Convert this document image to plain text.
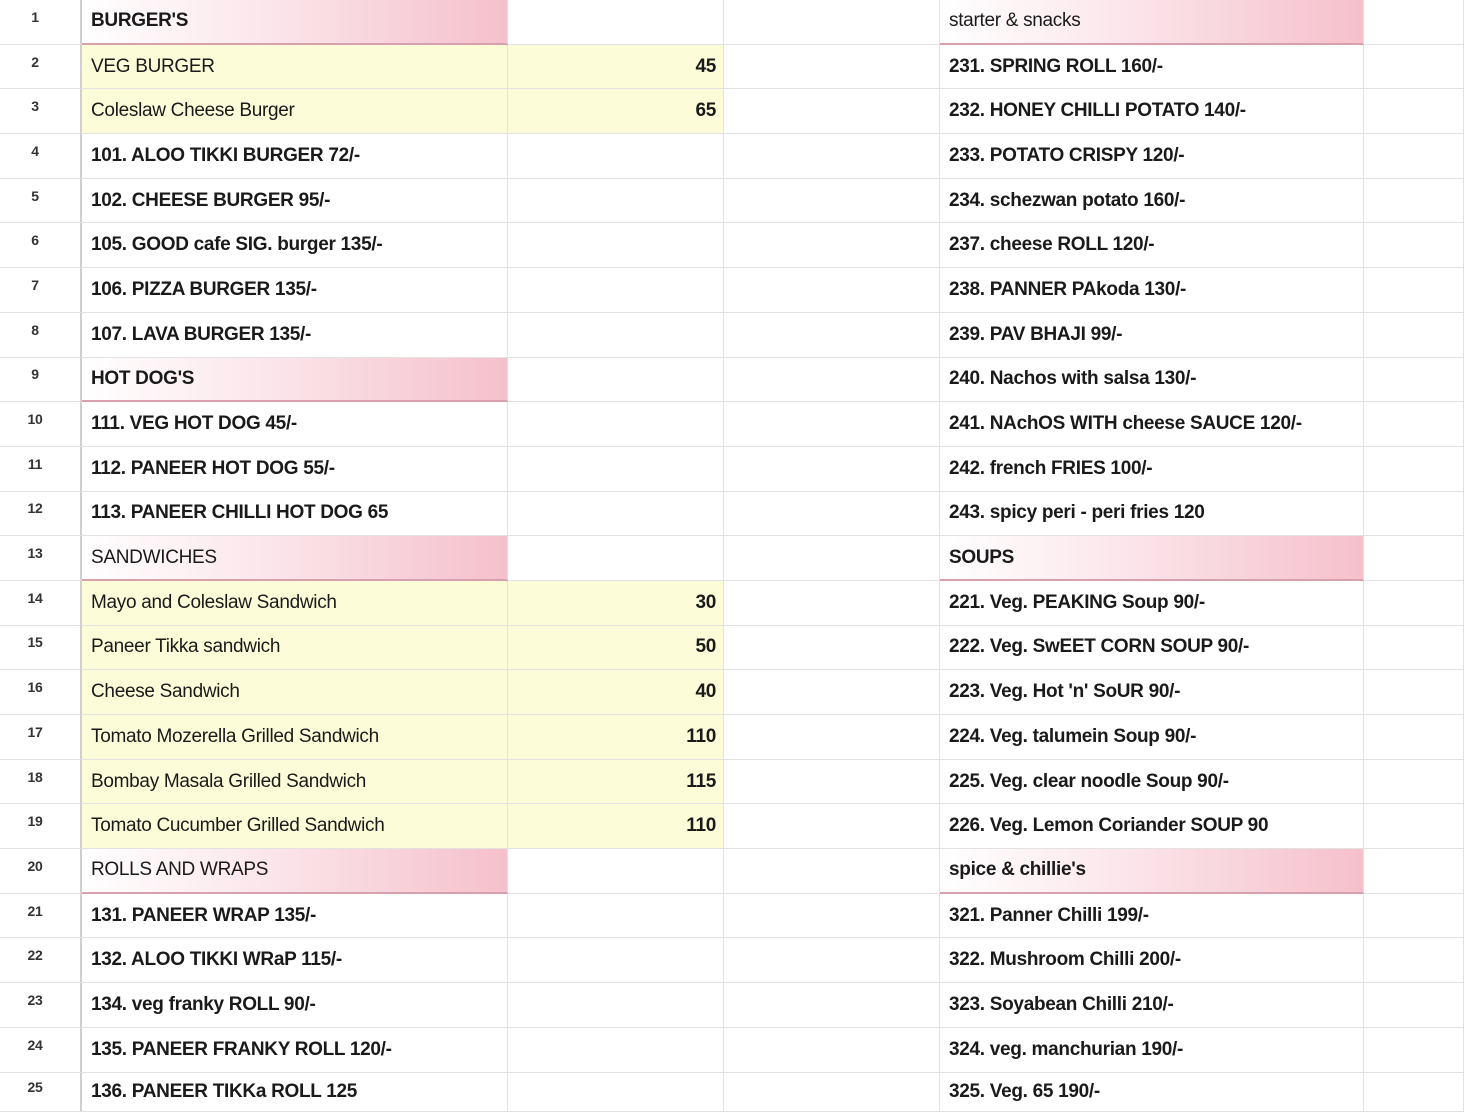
1	BURGER'S	starter & snacks
2	VEG BURGER	45	231. SPRING ROLL 160/-
3	Coleslaw Cheese Burger	65	232. HONEY CHILLI POTATO 140/-
4	101. ALOO TIKKI BURGER 72/-	233. POTATO CRISPY 120/-
5	102. CHEESE BURGER 95/-	234. schezwan potato 160/-
6	105. GOOD cafe SIG. burger 135/-	237. cheese ROLL 120/-
7	106. PIZZA BURGER 135/-	238. PANNER PAkoda 130/-
8	107. LAVA BURGER 135/-	239. PAV BHAJI 99/-
9	HOT DOG'S	240. Nachos with salsa 130/-
10	111. VEG HOT DOG 45/-	241. NAchOS WITH cheese SAUCE 120/-
11	112. PANEER HOT DOG 55/-	242. french FRIES 100/-
12	113. PANEER CHILLI HOT DOG 65	243. spicy peri - peri fries 120
13	SANDWICHES	SOUPS
14	Mayo and Coleslaw Sandwich	30	221. Veg. PEAKING Soup 90/-
15	Paneer Tikka sandwich	50	222. Veg. SwEET CORN SOUP 90/-
16	Cheese Sandwich	40	223. Veg. Hot 'n' SoUR 90/-
17	Tomato Mozerella Grilled Sandwich	110	224. Veg. talumein Soup 90/-
18	Bombay Masala Grilled Sandwich	115	225. Veg. clear noodle Soup 90/-
19	Tomato Cucumber Grilled Sandwich	110	226. Veg. Lemon Coriander SOUP 90
20	ROLLS AND WRAPS	spice & chillie's
21	131. PANEER WRAP 135/-	321. Panner Chilli 199/-
22	132. ALOO TIKKI WRaP 115/-	322. Mushroom Chilli 200/-
23	134. veg franky ROLL 90/-	323. Soyabean Chilli 210/-
24	135. PANEER FRANKY ROLL 120/-	324. veg. manchurian 190/-
25	136. PANEER TIKKa ROLL 125	325. Veg. 65 190/-
